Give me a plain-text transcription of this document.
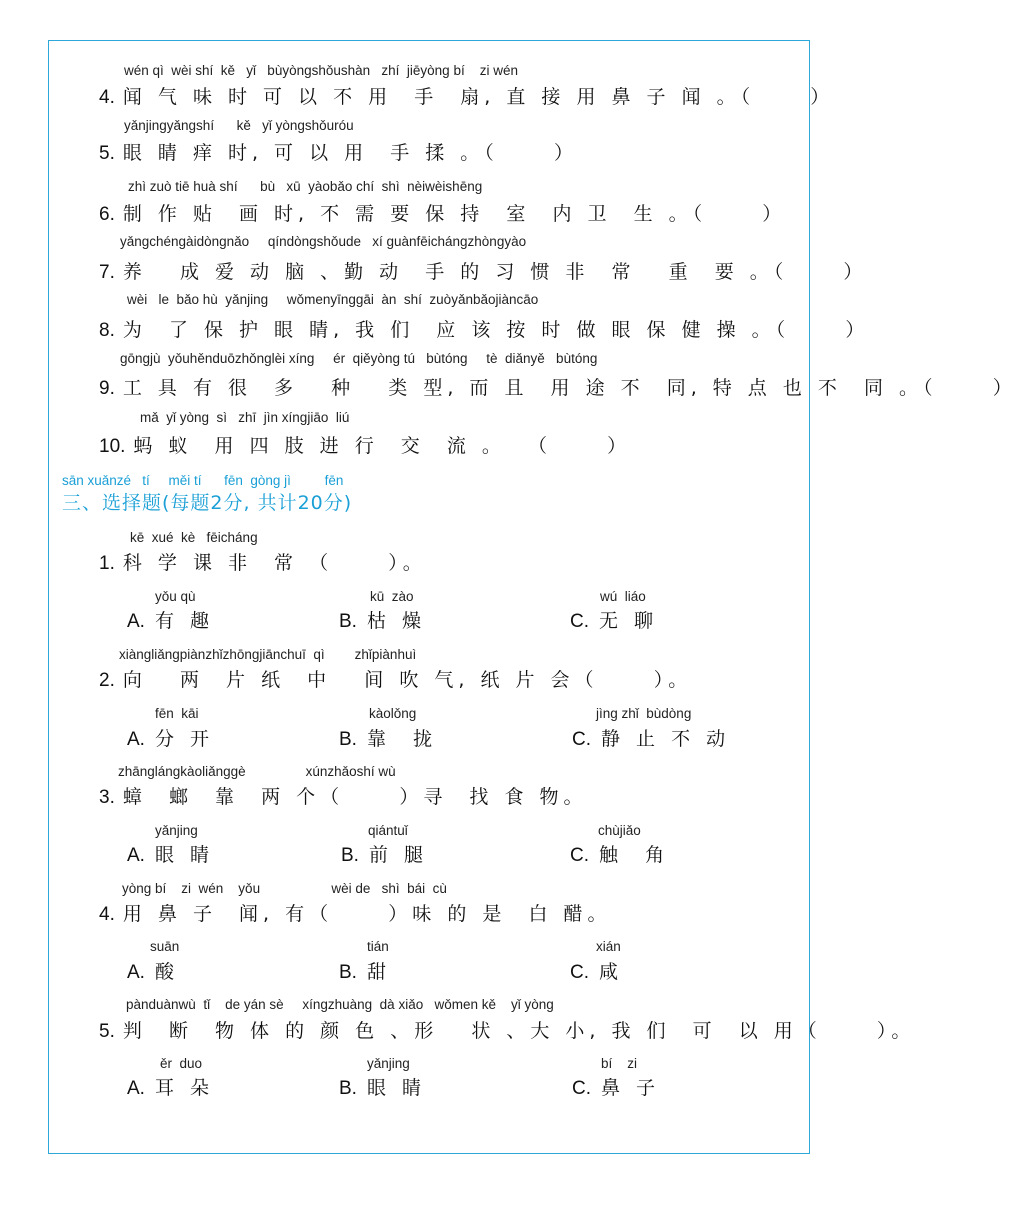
wén qì  wèi shí  kě   yǐ   bùyòngshǒushàn   zhí  jiēyòng bí    zi wén
4. 闻 气 味 时 可 以 不 用  手  扇, 直 接 用 鼻 子 闻 。（     ）
yǎnjingyǎngshí      kě   yǐ yòngshǒuróu
5. 眼 睛 痒 时, 可 以 用  手 揉 。（     ）
zhì zuò tiē huà shí      bù   xū  yàobǎo chí  shì  nèiwèishēng
6. 制 作 贴  画 时, 不 需 要 保 持  室  内 卫  生 。（     ）
yǎngchéngàidòngnǎo     qíndòngshǒude   xí guànfēichángzhòngyào
7. 养   成 爱 动 脑 、勤 动  手 的 习 惯 非  常   重  要 。（     ）
wèi   le  bǎo hù  yǎnjing     wǒmenyīnggāi  àn  shí  zuòyǎnbǎojiàncāo
8. 为  了 保 护 眼 睛, 我 们  应 该 按 时 做 眼 保 健 操 。（     ）
gōngjù  yǒuhěnduōzhǒnglèi xíng     ér  qiěyòng tú   bùtóng     tè  diǎnyě   bùtóng
9. 工 具 有 很  多   种   类 型, 而 且  用 途 不  同, 特 点 也 不  同 。（     ）
mǎ  yǐ yòng  sì   zhī  jìn xíngjiāo  liú
10. 蚂 蚁  用 四 肢 进 行  交  流 。  （     ）
sān xuǎnzé   tí     měi tí      fēn  gòng jì         fēn
三、选择题(每题2分, 共计20分)
kē  xué  kè   fēicháng
1. 科 学 课 非  常 （     ）。
yǒu qù
A. 有 趣
kū  zào
B. 枯 燥
wú  liáo
C. 无 聊
xiàngliǎngpiànzhǐzhōngjiānchuī  qì        zhǐpiànhuì
2. 向   两  片 纸  中   间 吹 气, 纸 片 会（     ）。
fēn  kāi
A. 分 开
kàolǒng
B. 靠  拢
jìng zhǐ  bùdòng
C. 静 止 不 动
zhānglángkàoliǎnggè                xúnzhǎoshí wù
3. 蟑  螂  靠  两 个（     ）寻  找 食 物。
yǎnjing
A. 眼 睛
qiántuǐ
B. 前 腿
chùjiǎo
C. 触  角
yòng bí    zi  wén    yǒu                   wèi de   shì  bái  cù
4. 用 鼻 子  闻, 有（     ）味 的 是  白 醋。
suān
A. 酸
tián
B. 甜
xián
C. 咸
pànduànwù  tǐ    de yán sè     xíngzhuàng  dà xiǎo   wǒmen kě    yǐ yòng
5. 判  断  物 体 的 颜 色 、形   状 、大 小, 我 们  可  以 用（     ）。
ěr  duo
A. 耳 朵
yǎnjing
B. 眼 睛
bí    zi
C. 鼻 子
